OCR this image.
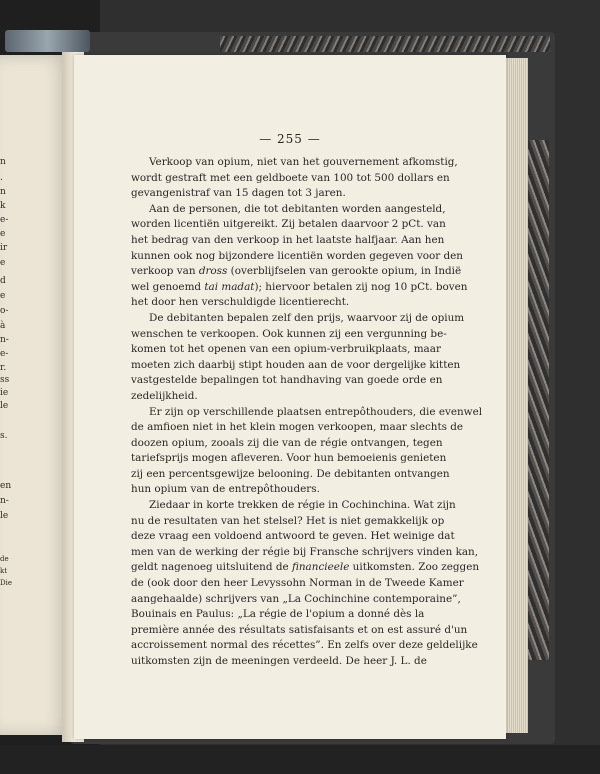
n
.
n
k
e-
e
ir
e
d
e
o-
à
n-
e-
r.
ss
ie
le
s.
en
n-
le
de
kt
Die
— 255 —

Verkoop van opium, niet van het gouvernement afkomstig,
wordt gestraft met een geldboete van 100 tot 500 dollars en
gevangenistraf van 15 dagen tot 3 jaren.

Aan de personen, die tot debitanten worden aangesteld,
worden licentiën uitgereikt. Zij betalen daarvoor 2 pCt. van
het bedrag van den verkoop in het laatste halfjaar. Aan hen
kunnen ook nog bijzondere licentiën worden gegeven voor den
verkoop van dross (overblijfselen van gerookte opium, in Indië
wel genoemd tai madat); hiervoor betalen zij nog 10 pCt. boven
het door hen verschuldigde licentierecht.

De debitanten bepalen zelf den prijs, waarvoor zij de opium
wenschen te verkoopen. Ook kunnen zij een vergunning be-
komen tot het openen van een opium-verbruikplaats, maar
moeten zich daarbij stipt houden aan de voor dergelijke kitten
vastgestelde bepalingen tot handhaving van goede orde en
zedelijkheid.

Er zijn op verschillende plaatsen entrepôthouders, die evenwel
de amfioen niet in het klein mogen verkoopen, maar slechts de
doozen opium, zooals zij die van de régie ontvangen, tegen
tariefsprijs mogen afleveren. Voor hun bemoeienis genieten
zij een percentsgewijze belooning. De debitanten ontvangen
hun opium van de entrepôthouders.

Ziedaar in korte trekken de régie in Cochinchina. Wat zijn
nu de resultaten van het stelsel? Het is niet gemakkelijk op
deze vraag een voldoend antwoord te geven. Het weinige dat
men van de werking der régie bij Fransche schrijvers vinden kan,
geldt nagenoeg uitsluitend de financieele uitkomsten. Zoo zeggen
de (ook door den heer Levyssohn Norman in de Tweede Kamer
aangehaalde) schrijvers van „La Cochinchine contemporaine”,
Bouinais en Paulus: „La régie de l'opium a donné dès la
première année des résultats satisfaisants et on est assuré d'un
accroissement normal des récettes”. En zelfs over deze geldelijke
uitkomsten zijn de meeningen verdeeld. De heer J. L. de
